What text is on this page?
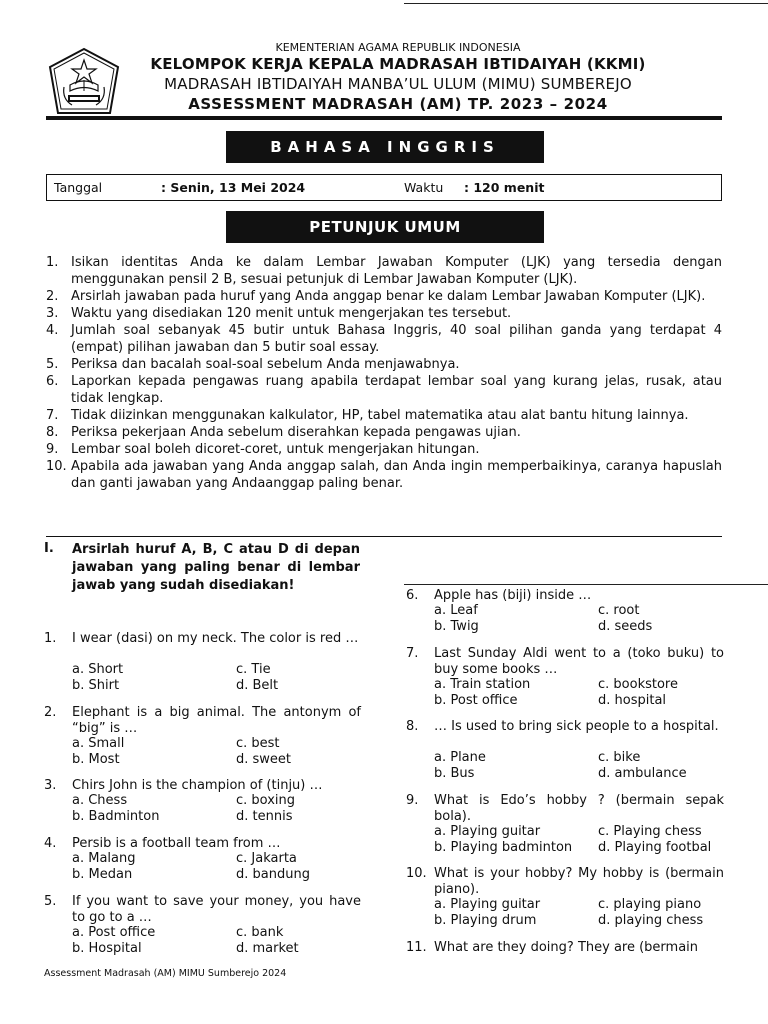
KEMENTERIAN AGAMA REPUBLIK INDONESIA
KELOMPOK KERJA KEPALA MADRASAH IBTIDAIYAH (KKMI)
MADRASAH IBTIDAIYAH MANBA’UL ULUM (MIMU) SUMBEREJO
ASSESSMENT MADRASAH (AM) TP. 2023 – 2024
BAHASA INGGRIS
Tanggal	: Senin, 13 Mei 2024	Waktu : 120 menit
PETUNJUK UMUM
1. Isikan identitas Anda ke dalam Lembar Jawaban Komputer (LJK) yang tersedia dengan menggunakan pensil 2 B, sesuai petunjuk di Lembar Jawaban Komputer (LJK).
2. Arsirlah jawaban pada huruf yang Anda anggap benar ke dalam Lembar Jawaban Komputer (LJK).
3. Waktu yang disediakan 120 menit untuk mengerjakan tes tersebut.
4. Jumlah soal sebanyak 45 butir untuk Bahasa Inggris, 40 soal pilihan ganda yang terdapat 4 (empat) pilihan jawaban dan 5 butir soal essay.
5. Periksa dan bacalah soal-soal sebelum Anda menjawabnya.
6. Laporkan kepada pengawas ruang apabila terdapat lembar soal yang kurang jelas, rusak, atau tidak lengkap.
7. Tidak diizinkan menggunakan kalkulator, HP, tabel matematika atau alat bantu hitung lainnya.
8. Periksa pekerjaan Anda sebelum diserahkan kepada pengawas ujian.
9. Lembar soal boleh dicoret-coret, untuk mengerjakan hitungan.
10. Apabila ada jawaban yang Anda anggap salah, dan Anda ingin memperbaikinya, caranya hapuslah dan ganti jawaban yang Andaanggap paling benar.
I. Arsirlah huruf A, B, C atau D di depan jawaban yang paling benar di lembar jawab yang sudah disediakan!
1. I wear (dasi) on my neck. The color is red …
a. Short
b. Shirt
c. Tie
d. Belt
2. Elephant is a big animal. The antonym of “big” is …
a. Small
b. Most
c. best
d. sweet
3. Chirs John is the champion of (tinju) …
a. Chess
b. Badminton
c. boxing
d. tennis
4. Persib is a football team from …
a. Malang
b. Medan
c. Jakarta
d. bandung
5. If you want to save your money, you have to go to a …
a. Post office
b. Hospital
c. bank
d. market
6. Apple has (biji) inside …
a. Leaf
b. Twig
c. root
d. seeds
7. Last Sunday Aldi went to a (toko buku) to buy some books …
a. Train station
b. Post office
c. bookstore
d. hospital
8. … Is used to bring sick people to a hospital.
a. Plane
b. Bus
c. bike
d. ambulance
9. What is Edo’s hobby ? (bermain sepak bola).
a. Playing guitar
b. Playing badminton
c. Playing chess
d. Playing footbal
10. What is your hobby? My hobby is (bermain piano).
a. Playing guitar
b. Playing drum
c. playing piano
d. playing chess
11. What are they doing? They are (bermain
Assessment Madrasah (AM) MIMU Sumberejo 2024
